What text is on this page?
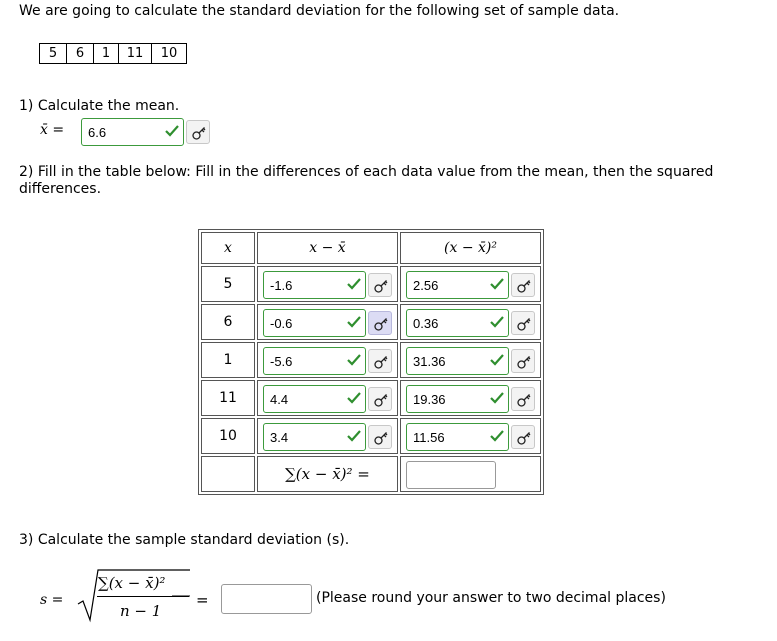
We are going to calculate the standard deviation for the following set of sample data.
5	6	1	11	10
1) Calculate the mean.
x̄ = 6.6
2) Fill in the table below: Fill in the differences of each data value from the mean, then the squared differences.
x	x − x̄	(x − x̄)²
5	-1.6	2.56

6	-0.6	0.36

1	-5.6	31.36

11	4.4	19.36

10	3.4	11.56

	∑(x − x̄)² =	
3) Calculate the sample standard deviation (s).
s =
∑(x − x̄)²
n − 1
=	(Please round your answer to two decimal places)
